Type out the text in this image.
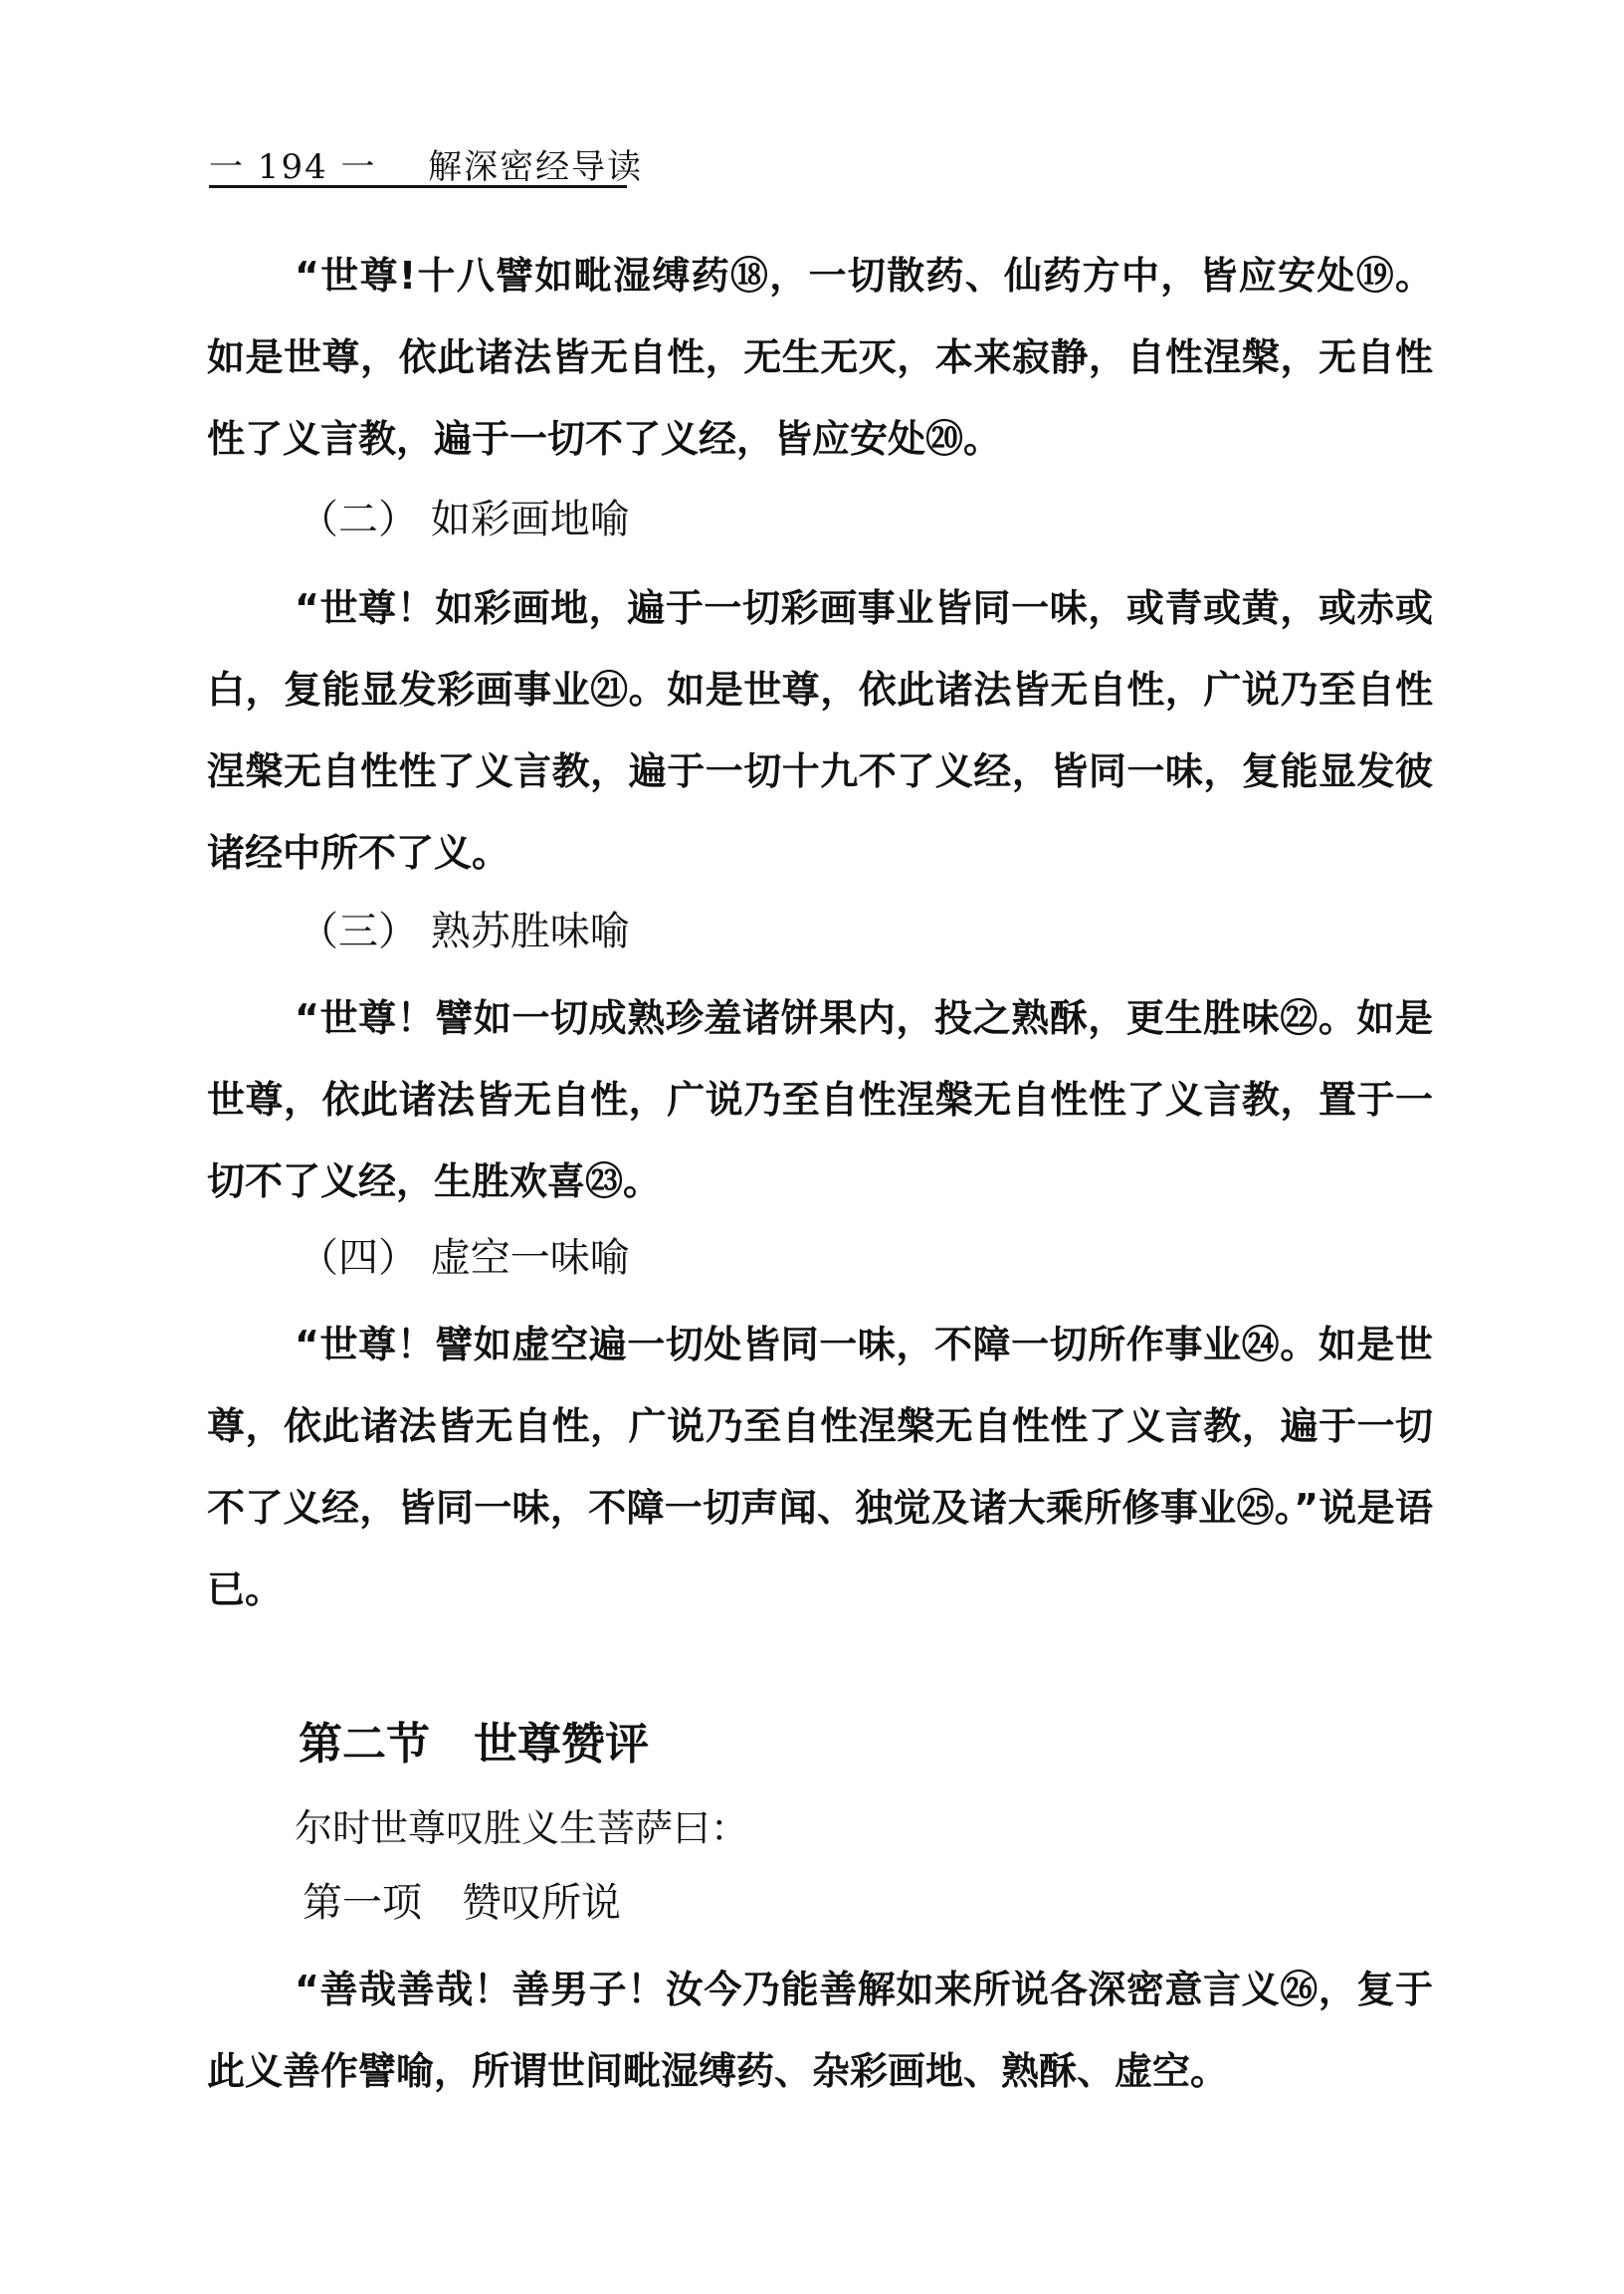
一 194 一 解深密经导读
“世尊!十八譬如毗湿缚药⑱，一切散药、仙药方中，皆应安处⑲。如是世尊，依此诸法皆无自性，无生无灭，本来寂静，自性涅槃，无自性性了义言教，遍于一切不了义经，皆应安处⑳。
（二） 如彩画地喻
“世尊！如彩画地，遍于一切彩画事业皆同一味，或青或黄，或赤或白，复能显发彩画事业㉑。如是世尊，依此诸法皆无自性，广说乃至自性涅槃无自性性了义言教，遍于一切十九不了义经，皆同一味，复能显发彼诸经中所不了义。
（三） 熟苏胜味喻
“世尊！譬如一切成熟珍羞诸饼果内，投之熟酥，更生胜味㉒。如是世尊，依此诸法皆无自性，广说乃至自性涅槃无自性性了义言教，置于一切不了义经，生胜欢喜㉓。
（四） 虚空一味喻
“世尊！譬如虚空遍一切处皆同一味，不障一切所作事业㉔。如是世尊，依此诸法皆无自性，广说乃至自性涅槃无自性性了义言教，遍于一切不了义经，皆同一味，不障一切声闻、独觉及诸大乘所修事业㉕。”说是语已。
第二节　世尊赞评
尔时世尊叹胜义生菩萨曰：
第一项　赞叹所说
“善哉善哉！善男子！汝今乃能善解如来所说各深密意言义㉖，复于此义善作譬喻，所谓世间毗湿缚药、杂彩画地、熟酥、虚空。
